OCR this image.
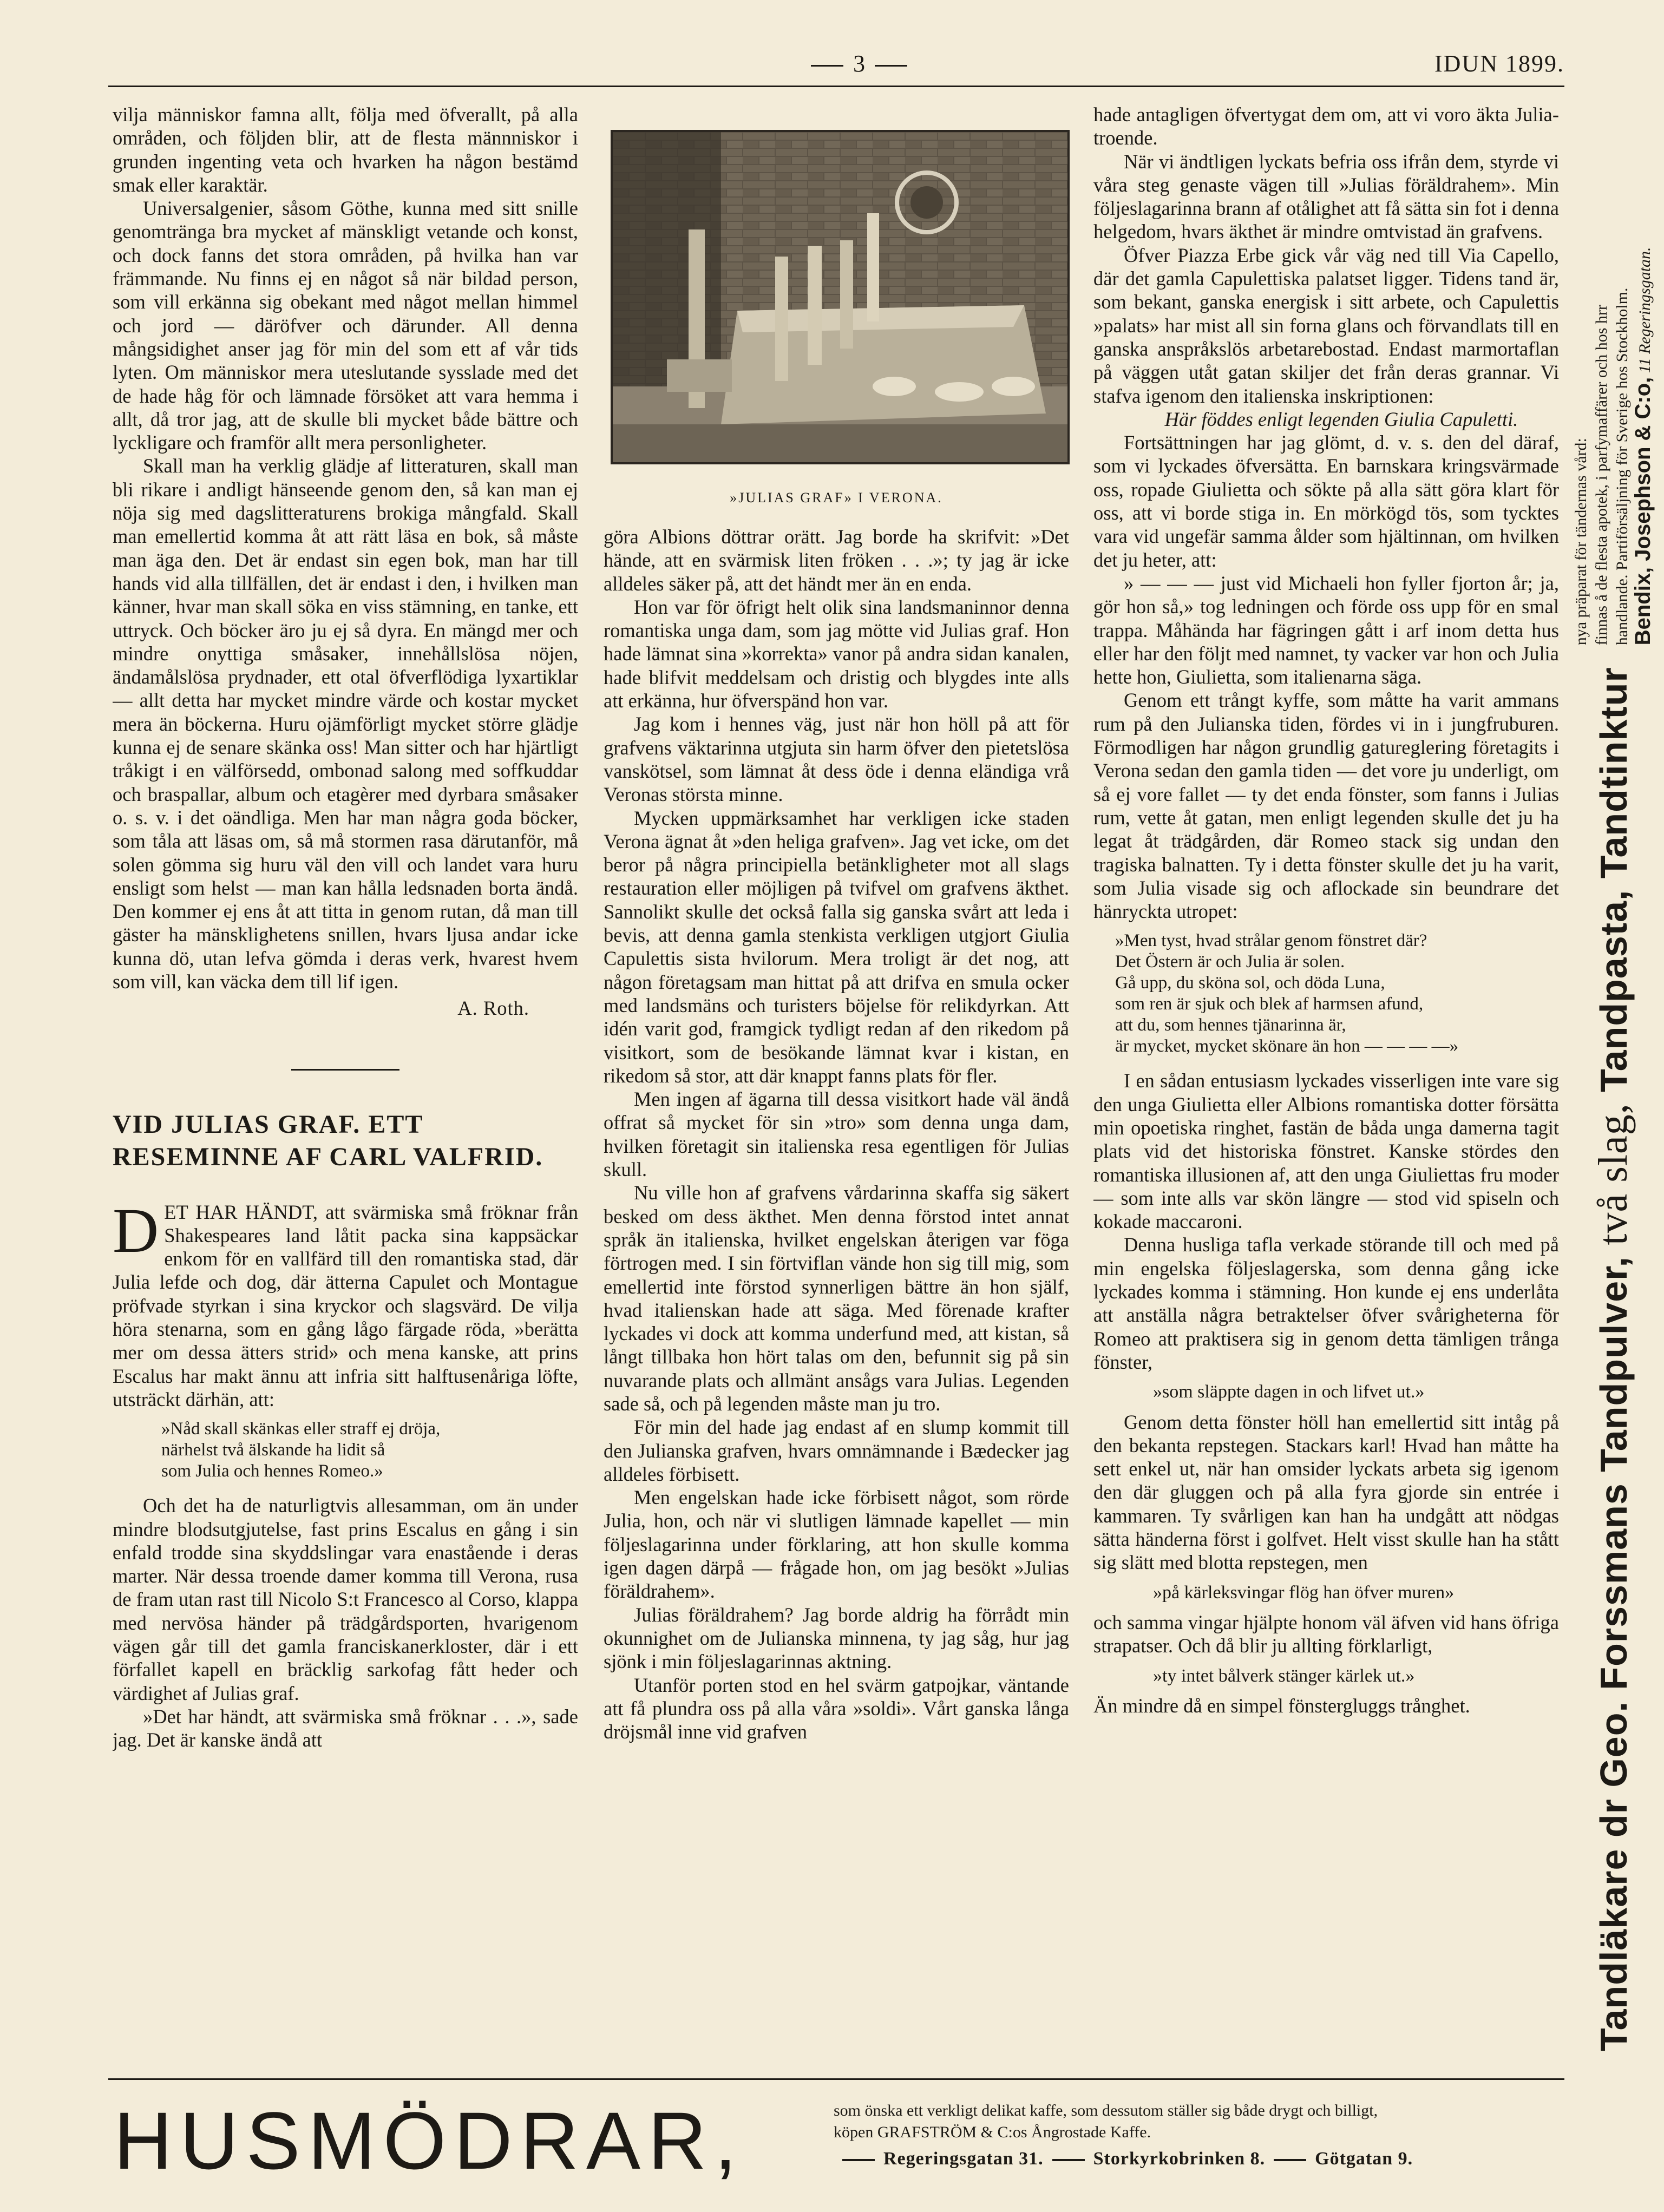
3	IDUN 1899.

vilja människor famna allt, följa med öfverallt, på alla områden, och följden blir, att de flesta männniskor i grunden ingenting veta och hvarken ha någon bestämd smak eller karaktär.

Universalgenier, såsom Göthe, kunna med sitt snille genomtränga bra mycket af mänskligt vetande och konst, och dock fanns det stora områden, på hvilka han var främmande. Nu finns ej en något så när bildad person, som vill erkänna sig obekant med något mellan himmel och jord — däröfver och därunder. All denna mångsidighet anser jag för min del som ett af vår tids lyten. Om människor mera uteslutande sysslade med det de hade håg för och lämnade försöket att vara hemma i allt, då tror jag, att de skulle bli mycket både bättre och lyckligare och framför allt mera personligheter.

Skall man ha verklig glädje af litteraturen, skall man bli rikare i andligt hänseende genom den, så kan man ej nöja sig med dagslitteraturens brokiga mångfald. Skall man emellertid komma åt att rätt läsa en bok, så måste man äga den. Det är endast sin egen bok, man har till hands vid alla tillfällen, det är endast i den, i hvilken man känner, hvar man skall söka en viss stämning, en tanke, ett uttryck. Och böcker äro ju ej så dyra. En mängd mer och mindre onyttiga småsaker, innehållslösa nöjen, ändamålslösa prydnader, ett otal öfverflödiga lyxartiklar — allt detta har mycket mindre värde och kostar mycket mera än böckerna. Huru ojämförligt mycket större glädje kunna ej de senare skänka oss! Man sitter och har hjärtligt tråkigt i en välförsedd, ombonad salong med soffkuddar och braspallar, album och etagèrer med dyrbara småsaker o. s. v. i det oändliga. Men har man några goda böcker, som tåla att läsas om, så må stormen rasa därutanför, må solen gömma sig huru väl den vill och landet vara huru ensligt som helst — man kan hålla ledsnaden borta ändå. Den kommer ej ens åt att titta in genom rutan, då man till gäster ha mänsklighetens snillen, hvars ljusa andar icke kunna dö, utan lefva gömda i deras verk, hvarest hvem som vill, kan väcka dem till lif igen.

A. Roth.
VID JULIAS GRAF. ETT RESEMINNE AF CARL VALFRID.

DET HAR HÄNDT, att svärmiska små fröknar från Shakespeares land låtit packa sina kappsäckar enkom för en vallfärd till den romantiska stad, där Julia lefde och dog, där ätterna Capulet och Montague pröfvade styrkan i sina kryckor och slagsvärd. De vilja höra stenarna, som en gång lågo färgade röda, »berätta mer om dessa ätters strid» och mena kanske, att prins Escalus har makt ännu att infria sitt halftusenåriga löfte, utsträckt därhän, att:

»Nåd skall skänkas eller straff ej dröja,
närhelst två älskande ha lidit så
som Julia och hennes Romeo.»

Och det ha de naturligtvis allesamman, om än under mindre blodsutgjutelse, fast prins Escalus en gång i sin enfald trodde sina skyddslingar vara enastående i deras marter. När dessa troende damer komma till Verona, rusa de fram utan rast till Nicolo S:t Francesco al Corso, klappa med nervösa händer på trädgårdsporten, hvarigenom vägen går till det gamla franciskanerkloster, där i ett förfallet kapell en bräcklig sarkofag fått heder och värdighet af Julias graf.

»Det har händt, att svärmiska små fröknar . . .», sade jag. Det är kanske ändå att

»JULIAS GRAF» I VERONA.

göra Albions döttrar orätt. Jag borde ha skrifvit: »Det hände, att en svärmisk liten fröken . . .»; ty jag är icke alldeles säker på, att det händt mer än en enda.

Hon var för öfrigt helt olik sina landsmaninnor denna romantiska unga dam, som jag mötte vid Julias graf. Hon hade lämnat sina »korrekta» vanor på andra sidan kanalen, hade blifvit meddelsam och dristig och blygdes inte alls att erkänna, hur öfverspänd hon var.

Jag kom i hennes väg, just när hon höll på att för grafvens väktarinna utgjuta sin harm öfver den pietetslösa vanskötsel, som lämnat åt dess öde i denna eländiga vrå Veronas största minne.

Mycken uppmärksamhet har verkligen icke staden Verona ägnat åt »den heliga grafven». Jag vet icke, om det beror på några principiella betänkligheter mot all slags restauration eller möjligen på tvifvel om grafvens äkthet. Sannolikt skulle det också falla sig ganska svårt att leda i bevis, att denna gamla stenkista verkligen utgjort Giulia Capulettis sista hvilorum. Mera troligt är det nog, att någon företagsam man hittat på att drifva en smula ocker med landsmäns och turisters böjelse för relikdyrkan. Att idén varit god, framgick tydligt redan af den rikedom på visitkort, som de besökande lämnat kvar i kistan, en rikedom så stor, att där knappt fanns plats för fler.

Men ingen af ägarna till dessa visitkort hade väl ändå offrat så mycket för sin »tro» som denna unga dam, hvilken företagit sin italienska resa egentligen för Julias skull.

Nu ville hon af grafvens vårdarinna skaffa sig säkert besked om dess äkthet. Men denna förstod intet annat språk än italienska, hvilket engelskan återigen var föga förtrogen med. I sin förtviflan vände hon sig till mig, som emellertid inte förstod synnerligen bättre än hon själf, hvad italienskan hade att säga. Med förenade krafter lyckades vi dock att komma underfund med, att kistan, så långt tillbaka hon hört talas om den, befunnit sig på sin nuvarande plats och allmänt ansågs vara Julias. Legenden sade så, och på legenden måste man ju tro.

För min del hade jag endast af en slump kommit till den Julianska grafven, hvars omnämnande i Bædecker jag alldeles förbisett.

Men engelskan hade icke förbisett något, som rörde Julia, hon, och när vi slutligen lämnade kapellet — min följeslagarinna under förklaring, att hon skulle komma igen dagen därpå — frågade hon, om jag besökt »Julias föräldrahem».

Julias föräldrahem? Jag borde aldrig ha förrådt min okunnighet om de Julianska minnena, ty jag såg, hur jag sjönk i min följeslagarinnas aktning.

Utanför porten stod en hel svärm gatpojkar, väntande att få plundra oss på alla våra »soldi». Vårt ganska långa dröjsmål inne vid grafven

hade antagligen öfvertygat dem om, att vi voro äkta Julia-troende.

När vi ändtligen lyckats befria oss ifrån dem, styrde vi våra steg genaste vägen till »Julias föräldrahem». Min följeslagarinna brann af otålighet att få sätta sin fot i denna helgedom, hvars äkthet är mindre omtvistad än grafvens.

Öfver Piazza Erbe gick vår väg ned till Via Capello, där det gamla Capulettiska palatset ligger. Tidens tand är, som bekant, ganska energisk i sitt arbete, och Capulettis »palats» har mist all sin forna glans och förvandlats till en ganska anspråkslös arbetarebostad. Endast marmortaflan på väggen utåt gatan skiljer det från deras grannar. Vi stafva igenom den italienska inskriptionen:

Här föddes enligt legenden Giulia Capuletti.

Fortsättningen har jag glömt, d. v. s. den del däraf, som vi lyckades öfversätta. En barnskara kringsvärmade oss, ropade Giulietta och sökte på alla sätt göra klart för oss, att vi borde stiga in. En mörkögd tös, som tycktes vara vid ungefär samma ålder som hjältinnan, om hvilken det ju heter, att:

» — — — just vid Michaeli hon fyller fjorton år; ja, gör hon så,» tog ledningen och förde oss upp för en smal trappa. Måhända har fägringen gått i arf inom detta hus eller har den följt med namnet, ty vacker var hon och Julia hette hon, Giulietta, som italienarna säga.

Genom ett trångt kyffe, som måtte ha varit ammans rum på den Julianska tiden, fördes vi in i jungfruburen. Förmodligen har någon grundlig gatureglering företagits i Verona sedan den gamla tiden — det vore ju underligt, om så ej vore fallet — ty det enda fönster, som fanns i Julias rum, vette åt gatan, men enligt legenden skulle det ju ha legat åt trädgården, där Romeo stack sig undan den tragiska balnatten. Ty i detta fönster skulle det ju ha varit, som Julia visade sig och aflockade sin beundrare det hänryckta utropet:

»Men tyst, hvad strålar genom fönstret där?
Det Östern är och Julia är solen.
Gå upp, du sköna sol, och döda Luna,
som ren är sjuk och blek af harmsen afund,
att du, som hennes tjänarinna är,
är mycket, mycket skönare än hon — — — —»

I en sådan entusiasm lyckades visserligen inte vare sig den unga Giulietta eller Albions romantiska dotter försätta min opoetiska ringhet, fastän de båda unga damerna tagit plats vid det historiska fönstret. Kanske stördes den romantiska illusionen af, att den unga Giuliettas fru moder — som inte alls var skön längre — stod vid spiseln och kokade maccaroni.

Denna husliga tafla verkade störande till och med på min engelska följeslagerska, som denna gång icke lyckades komma i stämning. Hon kunde ej ens underlåta att anställa några betraktelser öfver svårigheterna för Romeo att praktisera sig in genom detta tämligen trånga fönster,

»som släppte dagen in och lifvet ut.»

Genom detta fönster höll han emellertid sitt intåg på den bekanta repstegen. Stackars karl! Hvad han måtte ha sett enkel ut, när han omsider lyckats arbeta sig igenom den där gluggen och på alla fyra gjorde sin entrée i kammaren. Ty svårligen kan han ha undgått att nödgas sätta händerna först i golfvet. Helt visst skulle han ha stått sig slätt med blotta repstegen, men

»på kärleksvingar flög han öfver muren»

och samma vingar hjälpte honom väl äfven vid hans öfriga strapatser. Och då blir ju allting förklarligt,

»ty intet bålverk stänger kärlek ut.»

Än mindre då en simpel fönstergluggs trånghet.	Tandläkare dr Geo. Forssmans Tandpulver, två slag, Tandpasta, Tandtinktur
nya präparat för tändernas vård: finnas å de flesta apotek, i parfymaffärer och hos hrr handlande. Partiförsäljning för Sverige hos Stockholm.
Bendix, Josephson & C:o, 11 Regeringsgatan.
HUSMÖDRAR,	som önska ett verkligt delikat kaffe, som dessutom ställer sig både drygt och billigt,
köpen GRAFSTRÖM & C:os Ångrostade Kaffe.
Regeringsgatan 31.	Storkyrkobrinken 8.	Götgatan 9.
